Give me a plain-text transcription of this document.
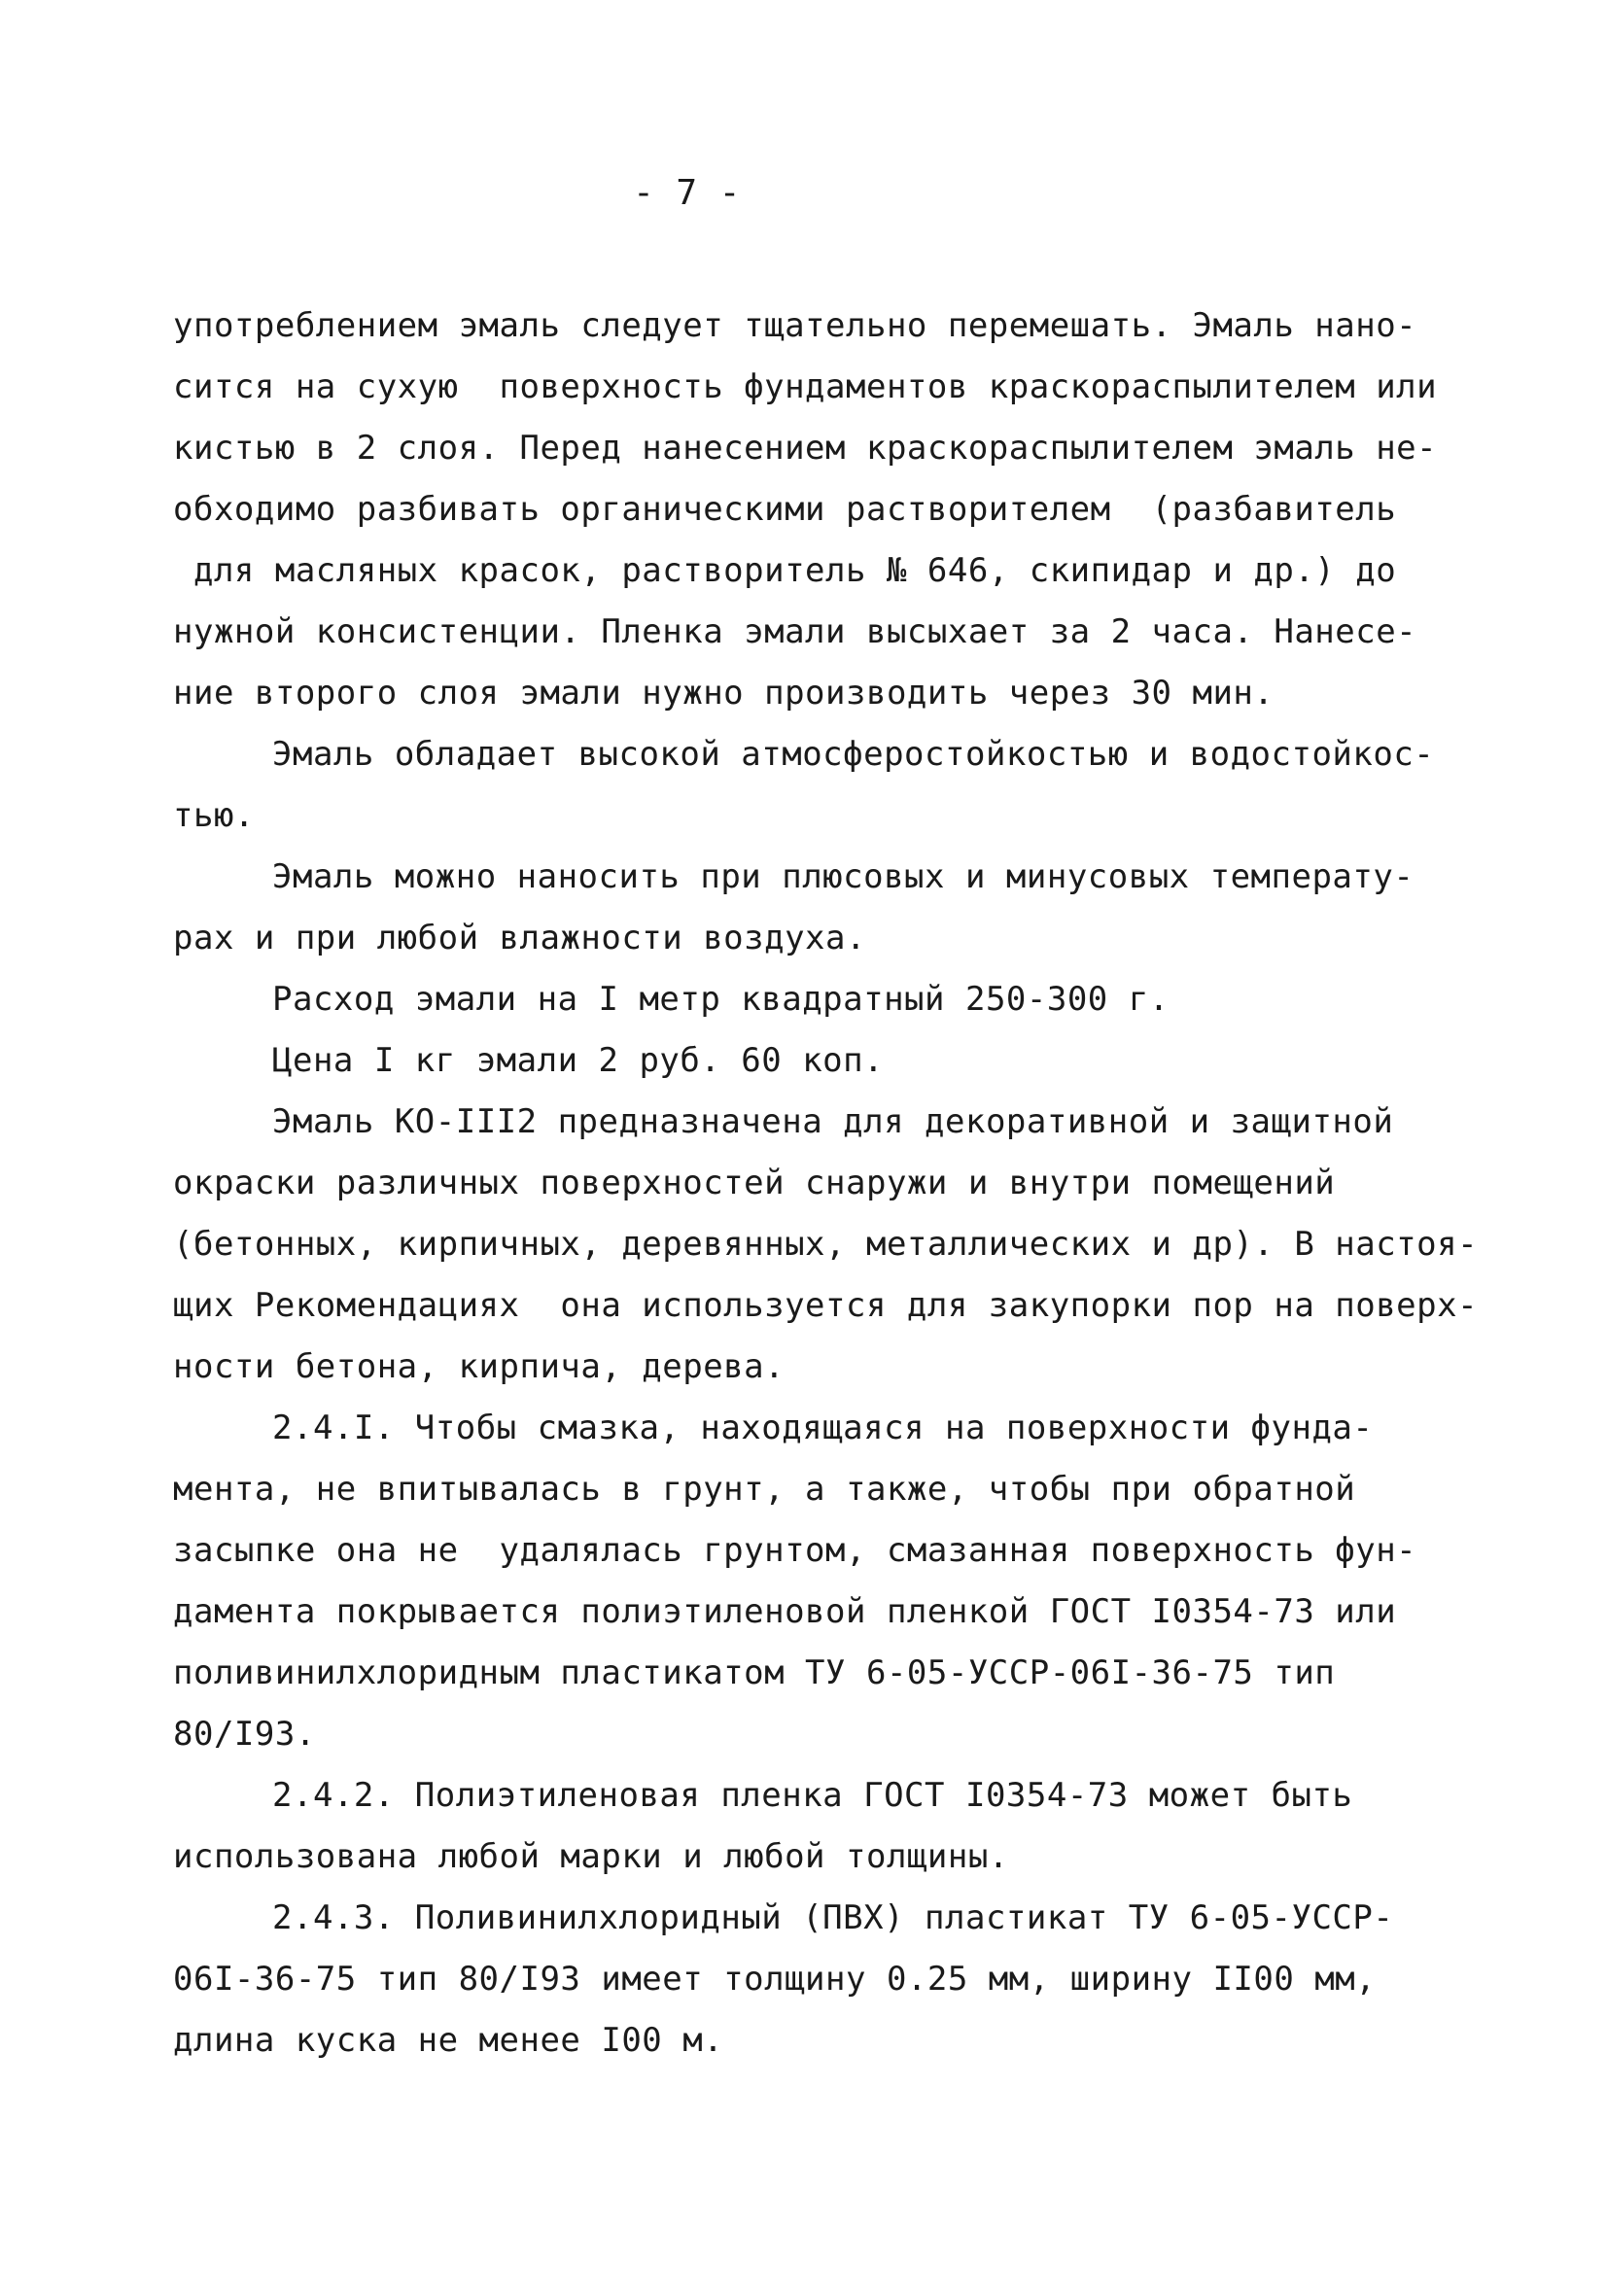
- 7 -
употреблением эмаль следует тщательно перемешать. Эмаль нано-
сится на сухую  поверхность фундаментов краскораспылителем или
кистью в 2 слоя. Перед нанесением краскораспылителем эмаль не-
обходимо разбивать органическими растворителем  (разбавитель
для масляных красок, растворитель № 646, скипидар и др.) до
нужной консистенции. Пленка эмали высыхает за 2 часа. Нанесе-
ние второго слоя эмали нужно производить через 30 мин.
Эмаль обладает высокой атмосферостойкостью и водостойкос-
тью.
Эмаль можно наносить при плюсовых и минусовых температу-
рах и при любой влажности воздуха.
Расход эмали на I метр квадратный 250-300 г.
Цена I кг эмали 2 руб. 60 коп.
Эмаль КО-III2 предназначена для декоративной и защитной
окраски различных поверхностей снаружи и внутри помещений
(бетонных, кирпичных, деревянных, металлических и др). В настоя-
щих Рекомендациях  она используется для закупорки пор на поверх-
ности бетона, кирпича, дерева.
2.4.I. Чтобы смазка, находящаяся на поверхности фунда-
мента, не впитывалась в грунт, а также, чтобы при обратной
засыпке она не  удалялась грунтом, смазанная поверхность фун-
дамента покрывается полиэтиленовой пленкой ГОСТ I0354-73 или
поливинилхлоридным пластикатом ТУ 6-05-УССР-06I-36-75 тип
80/I93.
2.4.2. Полиэтиленовая пленка ГОСТ I0354-73 может быть
использована любой марки и любой толщины.
2.4.3. Поливинилхлоридный (ПВХ) пластикат ТУ 6-05-УССР-
06I-36-75 тип 80/I93 имеет толщину 0.25 мм, ширину II00 мм,
длина куска не менее I00 м.
